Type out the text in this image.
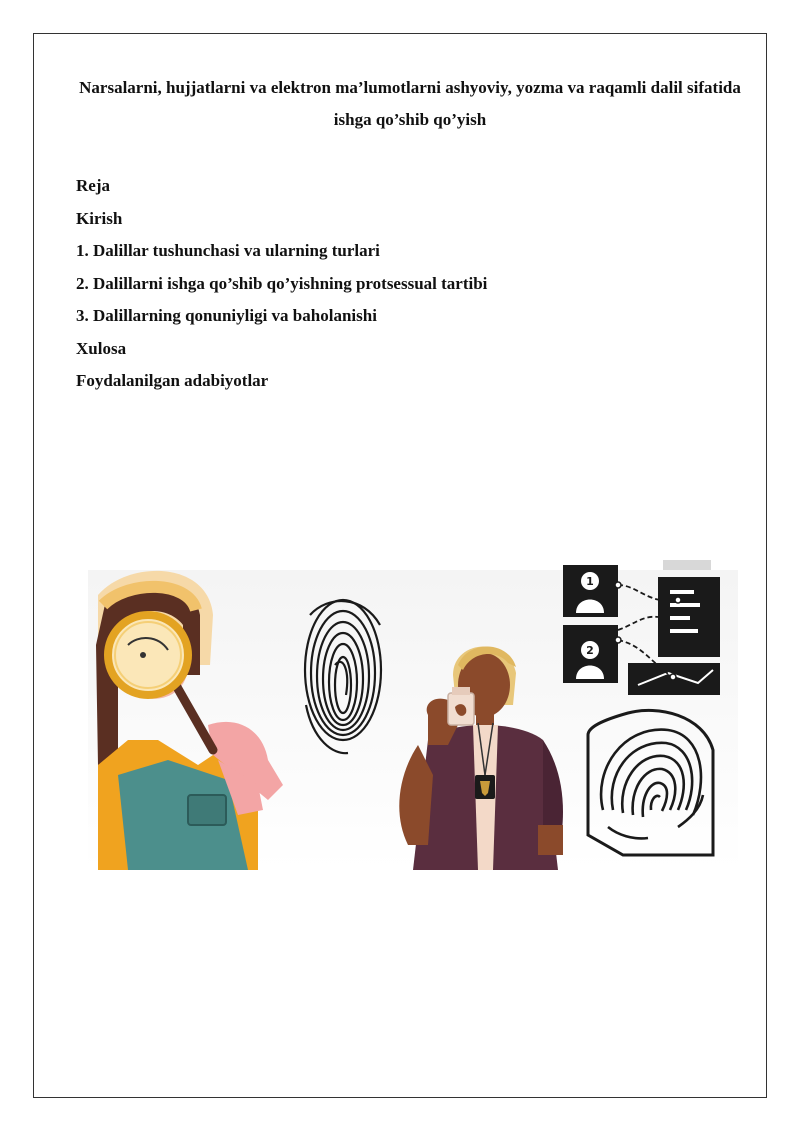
Narsalarni, hujjatlarni va elektron ma’lumotlarni ashyoviy, yozma va raqamli dalil sifatida ishga qo’shib qo’yish
Reja
Kirish
1. Dalillar tushunchasi va ularning turlari
2. Dalillarni ishga qo’shib qo’yishning protsessual tartibi
3. Dalillarning qonuniyligi va baholanishi
Xulosa
Foydalanilgan adabiyotlar
1
2
